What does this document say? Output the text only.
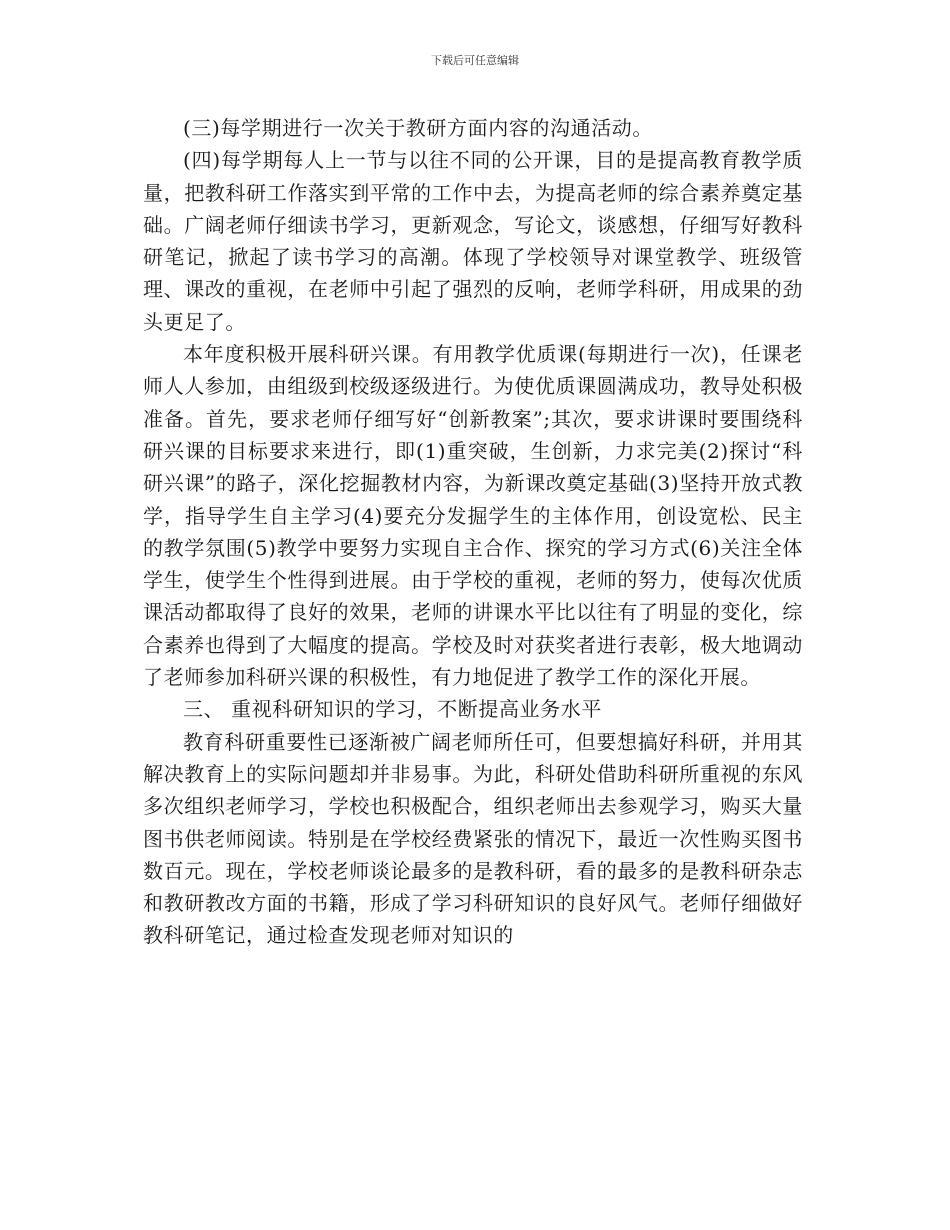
下载后可任意编辑

(三)每学期进行一次关于教研方面内容的沟通活动。

(四)每学期每人上一节与以往不同的公开课，目的是提高教育教学质量，把教科研工作落实到平常的工作中去，为提高老师的综合素养奠定基础。广阔老师仔细读书学习，更新观念，写论文，谈感想，仔细写好教科研笔记，掀起了读书学习的高潮。体现了学校领导对课堂教学、班级管理、课改的重视，在老师中引起了强烈的反响，老师学科研，用成果的劲头更足了。

本年度积极开展科研兴课。有用教学优质课(每期进行一次)，任课老师人人参加，由组级到校级逐级进行。为使优质课圆满成功，教导处积极准备。首先，要求老师仔细写好“创新教案”;其次，要求讲课时要围绕科研兴课的目标要求来进行，即(1)重突破，生创新，力求完美(2)探讨“科研兴课”的路子，深化挖掘教材内容，为新课改奠定基础(3)坚持开放式教学，指导学生自主学习(4)要充分发掘学生的主体作用，创设宽松、民主的教学氛围(5)教学中要努力实现自主合作、探究的学习方式(6)关注全体学生，使学生个性得到进展。由于学校的重视，老师的努力，使每次优质课活动都取得了良好的效果，老师的讲课水平比以往有了明显的变化，综合素养也得到了大幅度的提高。学校及时对获奖者进行表彰，极大地调动了老师参加科研兴课的积极性，有力地促进了教学工作的深化开展。

三、 重视科研知识的学习，不断提高业务水平

教育科研重要性已逐渐被广阔老师所任可，但要想搞好科研，并用其解决教育上的实际问题却并非易事。为此，科研处借助科研所重视的东风多次组织老师学习，学校也积极配合，组织老师出去参观学习，购买大量图书供老师阅读。特别是在学校经费紧张的情况下，最近一次性购买图书数百元。现在，学校老师谈论最多的是教科研，看的最多的是教科研杂志和教研教改方面的书籍，形成了学习科研知识的良好风气。老师仔细做好教科研笔记，通过检查发现老师对知识的
